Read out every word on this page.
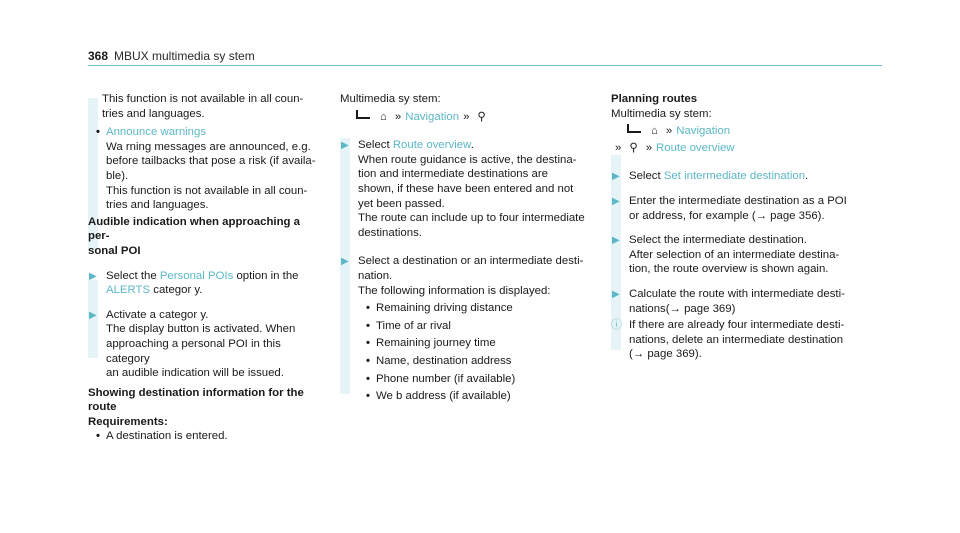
368 MBUX multimedia sy stem

This function is not available in all coun‐

tries and languages.

• Announce warnings

Wa rning messages are announced, e.g.

before tailbacks that pose a risk (if availa‐

ble).

This function is not available in all coun‐

tries and languages.

Audible indication when approaching a per‐

sonal POI

▶ Select the Personal POIs option in the

ALERTS categor y.

▶ Activate a categor y.

The display button is activated. When

approaching a personal POI in this category

an audible indication will be issued.

Showing destination information for the

route

Requirements:

• A destination is entered.

Multimedia sy stem:

⌂ » Navigation » ⚲

▶ Select Route overview.

When route guidance is active, the destina‐

tion and intermediate destinations are

shown, if these have been entered and not

yet been passed.

The route can include up to four intermediate

destinations.

▶ Select a destination or an intermediate desti‐

nation.

The following information is displayed:

• Remaining driving distance

• Time of ar rival

• Remaining journey time

• Name, destination address

• Phone number (if available)

• We b address (if available)

Planning routes

Multimedia sy stem:

⌂ » Navigation

» ⚲ » Route overview

▶ Select Set intermediate destination.

▶ Enter the intermediate destination as a POI

or address, for example (→ page 356).

▶ Select the intermediate destination.

After selection of an intermediate destina‐

tion, the route overview is shown again.

▶ Calculate the route with intermediate desti‐

nations(→ page 369)

ⓘ If there are already four intermediate desti‐

nations, delete an intermediate destination

(→ page 369).
